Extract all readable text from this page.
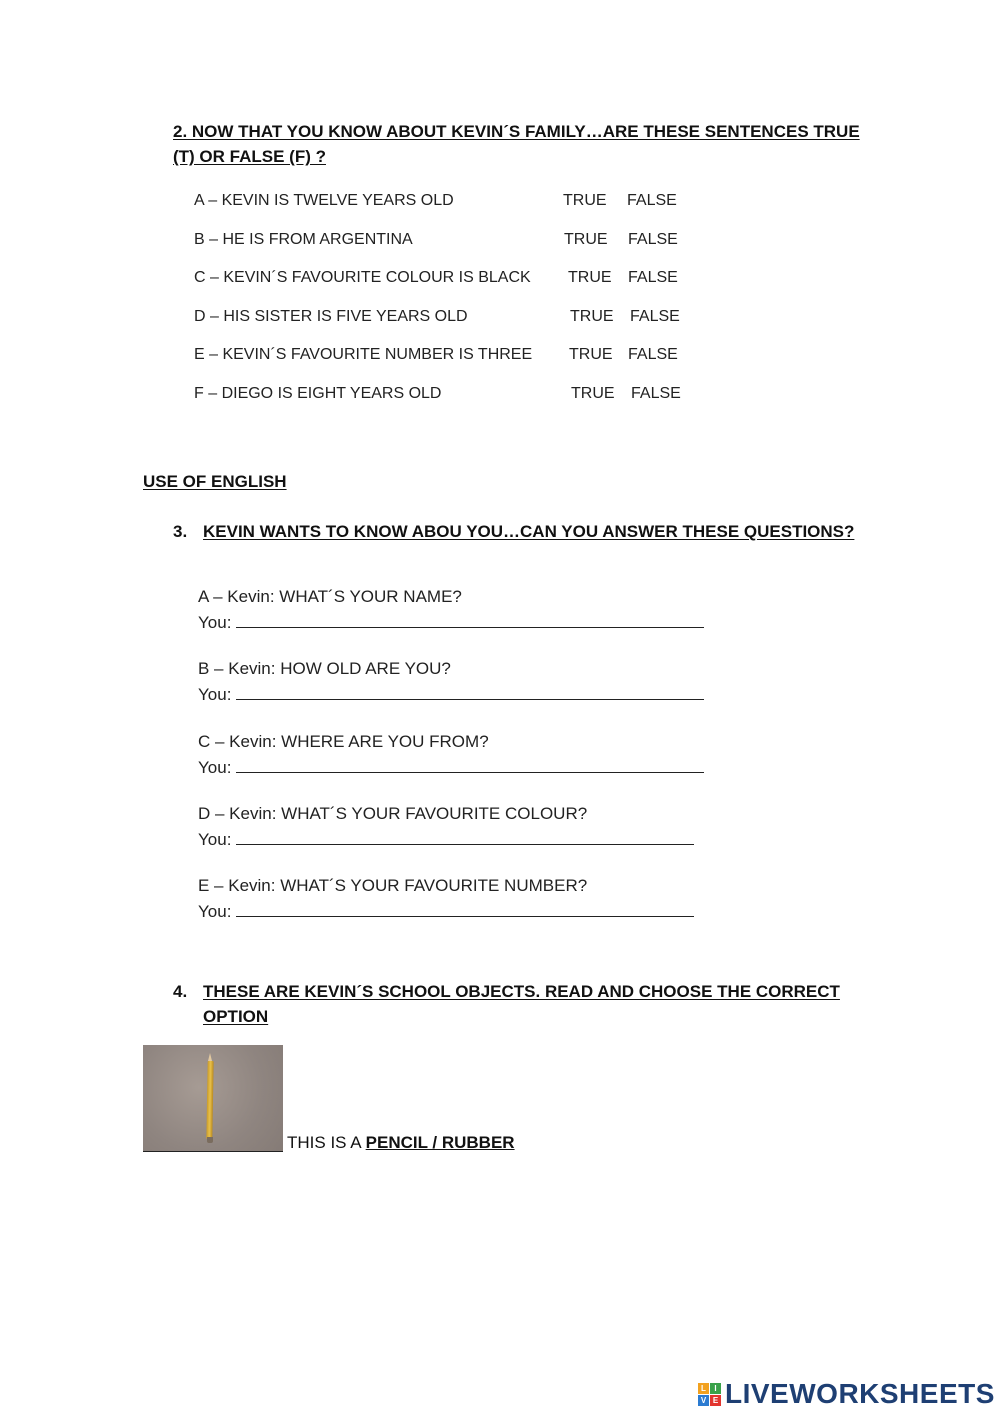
2. NOW THAT YOU KNOW ABOUT KEVIN´S FAMILY…ARE THESE SENTENCES TRUE
(T) OR FALSE (F) ?
A – KEVIN IS TWELVE YEARS OLD	TRUE FALSE
B – HE IS FROM ARGENTINA	TRUE FALSE
C – KEVIN´S FAVOURITE COLOUR IS BLACK TRUE FALSE
D – HIS SISTER IS FIVE YEARS OLD	TRUE FALSE
E – KEVIN´S FAVOURITE NUMBER IS THREE TRUE FALSE
F – DIEGO IS EIGHT YEARS OLD	TRUE FALSE
USE OF ENGLISH
3. KEVIN WANTS TO KNOW ABOU YOU…CAN YOU ANSWER THESE QUESTIONS?
A – Kevin: WHAT´S YOUR NAME?
You:
B – Kevin: HOW OLD ARE YOU?
You:
C – Kevin: WHERE ARE YOU FROM?
You:
D – Kevin: WHAT´S YOUR FAVOURITE COLOUR?
You:
E – Kevin: WHAT´S YOUR FAVOURITE NUMBER?
You:
4. THESE ARE KEVIN´S SCHOOL OBJECTS. READ AND CHOOSE THE CORRECT
OPTION
THIS IS A PENCIL / RUBBER
L	I
V E LIVEWORKSHEETS
